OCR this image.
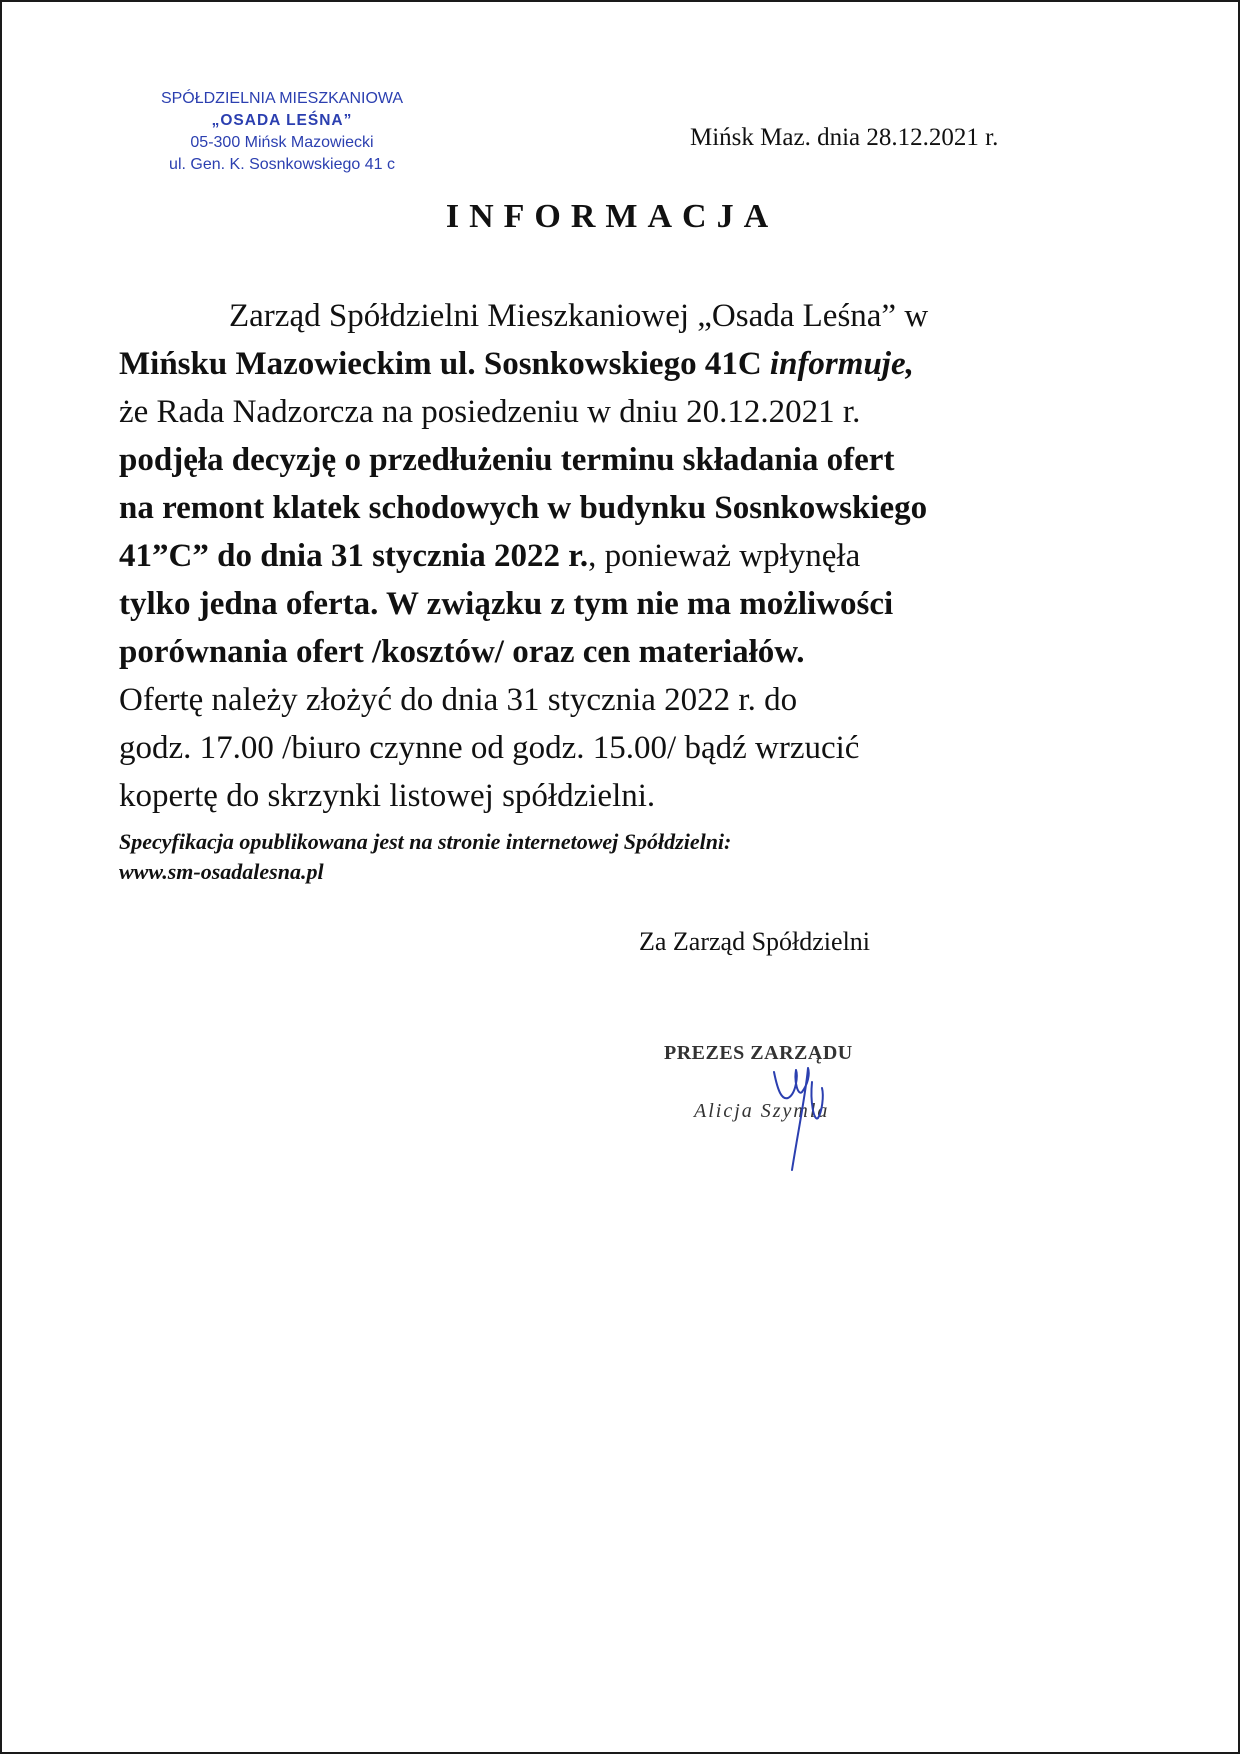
SPÓŁDZIELNIA MIESZKANIOWA
„OSADA LEŚNA”
05-300 Mińsk Mazowiecki
ul. Gen. K. Sosnkowskiego 41 c
Mińsk Maz. dnia 28.12.2021 r.
INFORMACJA
Zarząd Spółdzielni Mieszkaniowej „Osada Leśna” w
Mińsku Mazowieckim ul. Sosnkowskiego 41C informuje,
że Rada Nadzorcza na posiedzeniu w dniu 20.12.2021 r.
podjęła decyzję o przedłużeniu terminu składania ofert
na remont klatek schodowych w budynku Sosnkowskiego
41”C” do dnia 31 stycznia 2022 r., ponieważ wpłynęła
tylko jedna oferta. W związku z tym nie ma możliwości
porównania ofert /kosztów/ oraz cen materiałów.
Ofertę należy złożyć do dnia 31 stycznia 2022 r. do
godz. 17.00 /biuro czynne od godz. 15.00/ bądź wrzucić
kopertę do skrzynki listowej spółdzielni.
Specyfikacja opublikowana jest na stronie internetowej Spółdzielni:
www.sm-osadalesna.pl
Za Zarząd Spółdzielni
PREZES ZARZĄDU
Alicja Szymla
